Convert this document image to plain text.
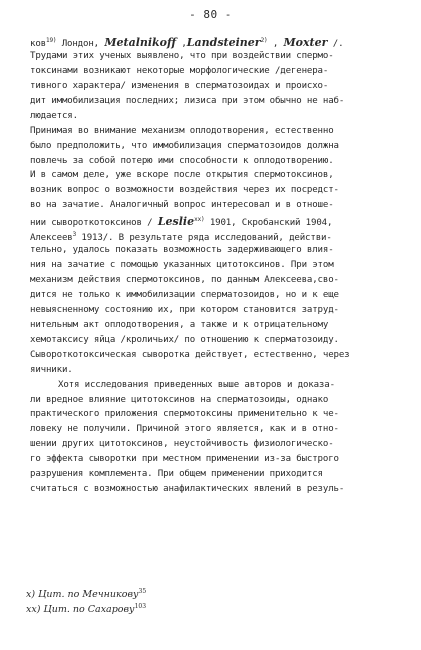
- 80 -
ков$^{19)}$ Лондон, Metalnikoff ,Landsteiner$^{2)}$ , Moxter /.
Трудами этих ученых выявлено, что при воздействии спермо-
токсинами возникают некоторые морфологические /дегенера-
тивного характера/ изменения в сперматозоидах и происхо-
дит иммобилизация последних; лизиса при этом обычно не наб-
людается.
Принимая во внимание механизм оплодотворения, естественно
было предположить, что иммобилизация сперматозоидов должна
повлечь за собой потерю ими способности к оплодотворению.
И в самом деле, уже вскоре после открытия спермотоксинов,
возник вопрос о возможности воздействия через их посредст-
во на зачатие. Аналогичный вопрос интересовал и в отноше-
нии сывороткотоксинов / Leslie$^{xx)}$ 1901, Скробанский 1904,
Алексеев$^3$ 1913/. В результате ряда исследований, действи-
тельно, удалось показать возможность задерживающего влия-
ния на зачатие с помощью указанных цитотоксинов. При этом
механизм действия спермотоксинов, по данным Алексеева,сво-
дится не только к иммобилизации сперматозоидов, но и к еще
невыясненному состоянию их, при котором становится затруд-
нительным акт оплодотворения, а также и к отрицательному
хемотаксису яйца /кроличьих/ по отношению к сперматозоиду.
Сывороткотоксическая сыворотка действует, естественно, через
яичники.
Хотя исследования приведенных выше авторов и доказа-
ли вредное влияние цитотоксинов на сперматозоиды, однако
практического приложения спермотоксины применительно к че-
ловеку не получили. Причиной этого является, как и в отно-
шении других цитотоксинов, неустойчивость физиологическо-
го эффекта сыворотки при местном применении из-за быстрого
разрушения комплемента. При общем применении приходится
считаться с возможностью анафилактических явлений в резуль-
x) Цит. по Мечникову$^{35}$
xx) Цит. по Сахарову$^{103}$
